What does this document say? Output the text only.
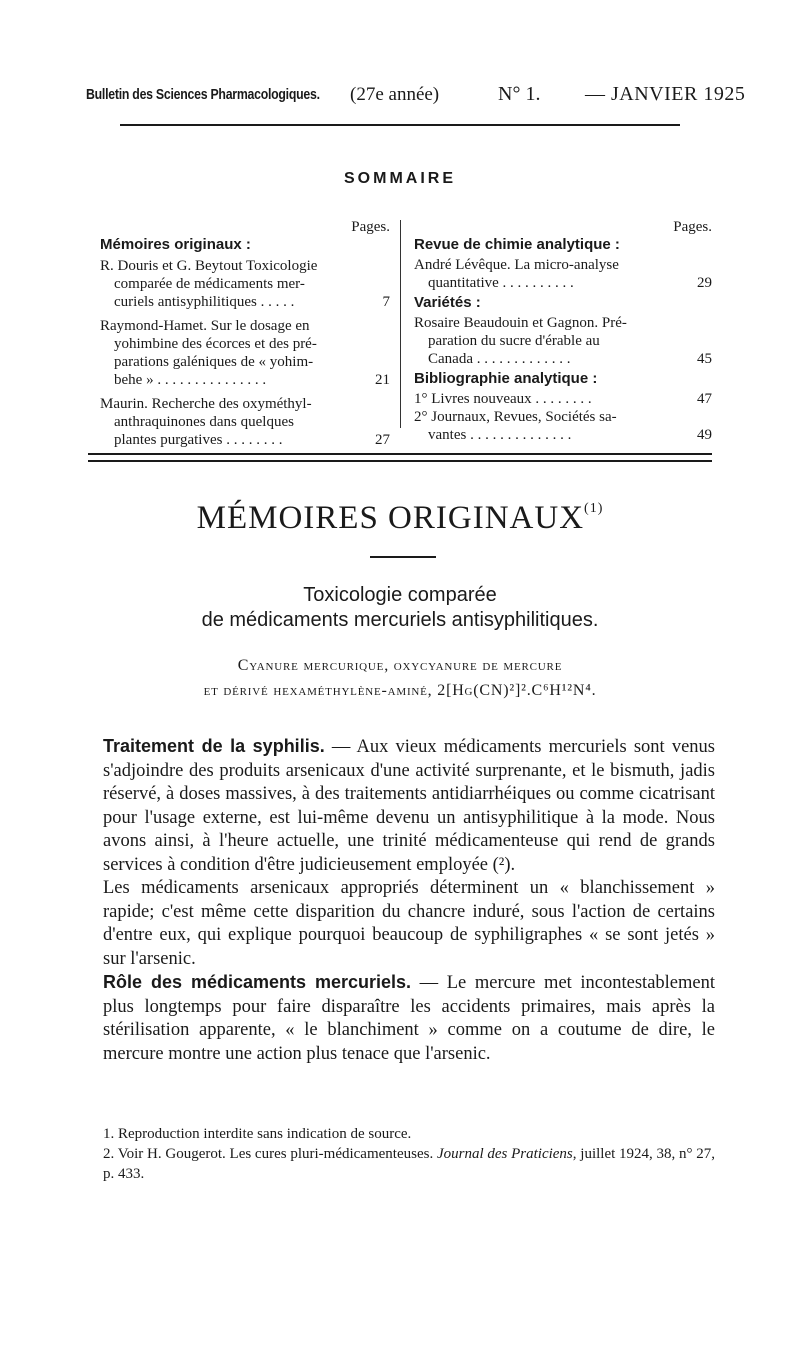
Bulletin des Sciences Pharmacologiques. (27e année)	N° 1. — JANVIER 1925
SOMMAIRE
Pages.
Mémoires originaux :
R. Douris et G. Beytout Toxicologie
comparée de médicaments mer-
curiels antisyphilitiques . . . . .	7
Raymond-Hamet. Sur le dosage en
yohimbine des écorces et des pré-
parations galéniques de « yohim-
behe » . . . . . . . . . . . . . . .	21
Maurin. Recherche des oxyméthyl-
anthraquinones dans quelques
plantes purgatives . . . . . . . .	27
Pages.
Revue de chimie analytique :
André Lévêque. La micro-analyse
quantitative . . . . . . . . . .	29
Variétés :
Rosaire Beaudouin et Gagnon. Pré-
paration du sucre d'érable au
Canada . . . . . . . . . . . . .	45
Bibliographie analytique :
1° Livres nouveaux . . . . . . . .	47
2° Journaux, Revues, Sociétés sa-
vantes . . . . . . . . . . . . . .	49
MÉMOIRES ORIGINAUX$^{(1)}$
Toxicologie comparée
de médicaments mercuriels antisyphilitiques.
Cyanure mercurique, oxycyanure de mercure
et dérivé hexaméthylène-aminé, 2[Hg(CN)²]².C⁶H¹²N⁴.

Traitement de la syphilis. — Aux vieux médicaments mercuriels sont venus s'adjoindre des produits arsenicaux d'une activité surprenante, et le bismuth, jadis réservé, à doses massives, à des traitements antidiarrhéiques ou comme cicatrisant pour l'usage externe, est lui-même devenu un antisyphilitique à la mode. Nous avons ainsi, à l'heure actuelle, une trinité médicamenteuse qui rend de grands services à condition d'être judicieusement employée (²).

Les médicaments arsenicaux appropriés déterminent un « blanchissement » rapide; c'est même cette disparition du chancre induré, sous l'action de certains d'entre eux, qui explique pourquoi beaucoup de syphiligraphes « se sont jetés » sur l'arsenic.

Rôle des médicaments mercuriels. — Le mercure met incontestablement plus longtemps pour faire disparaître les accidents primaires, mais après la stérilisation apparente, « le blanchiment » comme on a coutume de dire, le mercure montre une action plus tenace que l'arsenic.

1. Reproduction interdite sans indication de source.

2. Voir H. Gougerot. Les cures pluri-médicamenteuses. Journal des Praticiens, juillet 1924, 38, n° 27, p. 433.
